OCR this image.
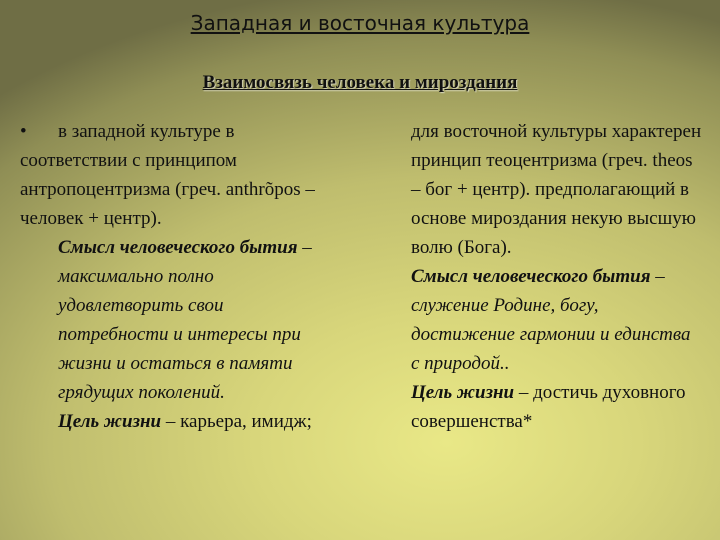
Западная и восточная культура
Взаимосвязь человека и мироздания

• в западной культуре в соответствии с принципом антропоцентризма (греч. anthrõpos – человек + центр).

Смысл человеческого бытия – максимально полно удовлетворить свои потребности и интересы при жизни и остаться в памяти грядущих поколений.

Цель жизни – карьера, имидж;

для восточной культуры характерен принцип теоцентризма (греч. theos – бог + центр). предполагающий в основе мироздания некую высшую волю (Бога).

Смысл человеческого бытия – служение Родине, богу, достижение гармонии и единства с природой..

Цель жизни – достичь духовного совершенства*
